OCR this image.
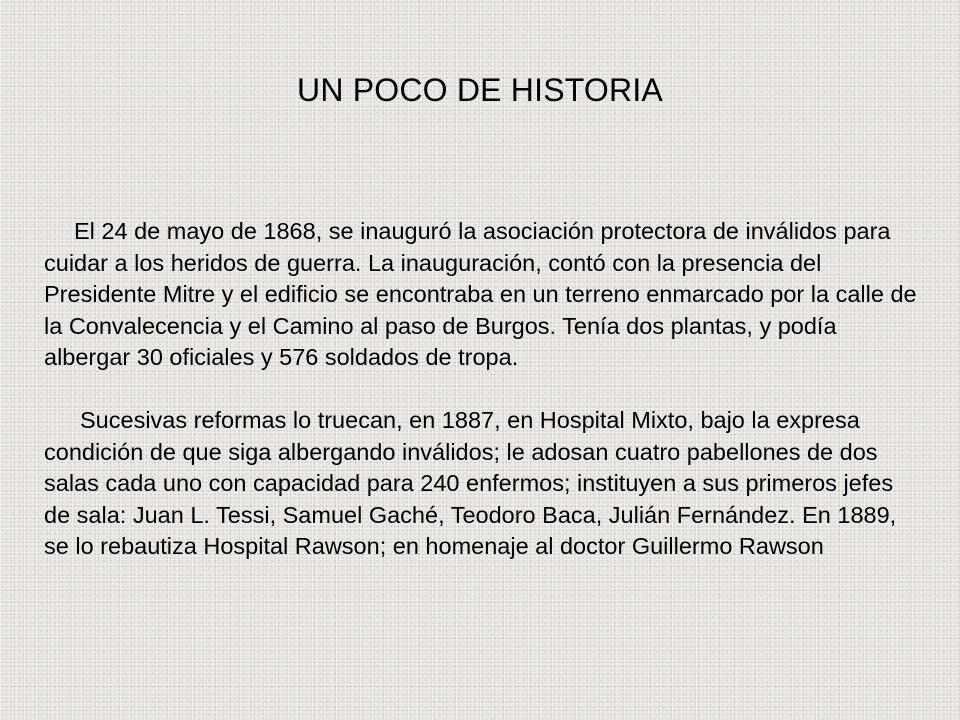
UN POCO DE HISTORIA

El 24 de mayo de 1868, se inauguró la asociación protectora de inválidos para cuidar a los heridos de guerra. La inauguración, contó con la presencia del Presidente Mitre y el edificio se encontraba en un terreno enmarcado por la calle de la Convalecencia y el Camino al paso de Burgos. Tenía dos plantas, y podía albergar 30 oficiales y 576 soldados de tropa.

Sucesivas reformas lo truecan, en 1887, en Hospital Mixto, bajo la expresa condición de que siga albergando inválidos; le adosan cuatro pabellones de dos salas cada uno con capacidad para 240 enfermos; instituyen a sus primeros jefes de sala: Juan L. Tessi, Samuel Gaché, Teodoro Baca, Julián Fernández. En 1889, se lo rebautiza Hospital Rawson; en homenaje al doctor Guillermo Rawson
